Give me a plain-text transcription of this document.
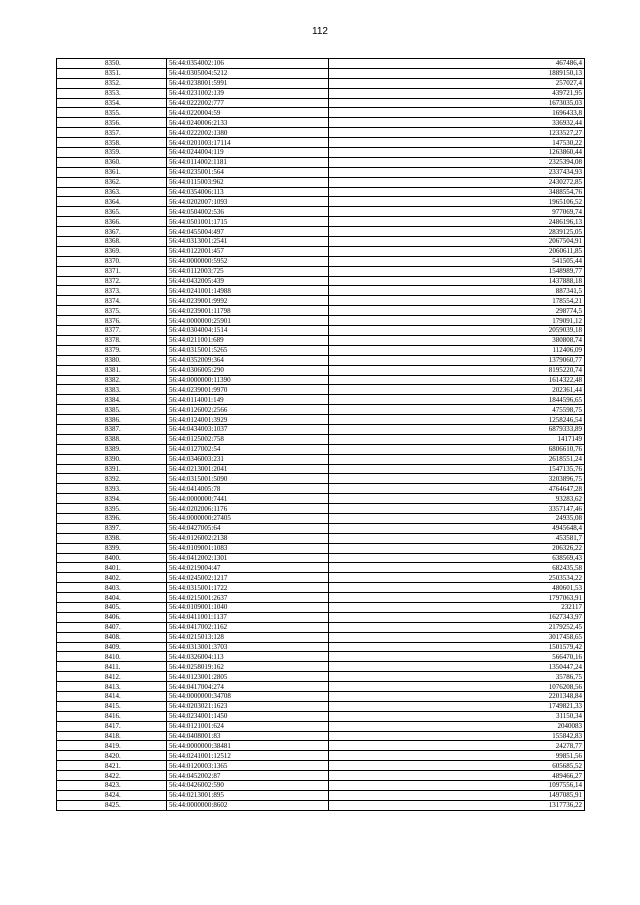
112
8350.	56:44:0354002:106	467486,4
8351.	56:44:0305004:5212	1889150,13
8352.	56:44:0238001:5991	257027,4
8353.	56:44:0231002:139	439721,95
8354.	56:44:0222002:777	1673035,03
8355.	56:44:0220004:59	1696433,8
8356.	56:44:0240006:2133	336932,44
8357.	56:44:0222002:1380	1233527,27
8358.	56:44:0201003:17114	147530,22
8359.	56:44:0244004:119	1263860,44
8360.	56:44:0114002:1181	2325394,08
8361.	56:44:0235001:564	2337434,93
8362.	56:44:0115003:962	2430272,85
8363.	56:44:0354006:113	3488554,76
8364.	56:44:0202007:1093	1965106,52
8365.	56:44:0504002:536	977069,74
8366.	56:44:0501001:1715	2486196,13
8367.	56:44:0455004:497	2839125,05
8368.	56:44:0313001:2541	2067504,91
8369.	56:44:0122001:457	2060611,85
8370.	56:44:0000000:5952	541505,44
8371.	56:44:0112003:725	1548989,77
8372.	56:44:0432005:439	1437888,18
8373.	56:44:0241001:14988	887341,5
8374.	56:44:0239001:9992	178554,21
8375.	56:44:0239001:11798	298774,5
8376.	56:44:0000000:25901	179091,12
8377.	56:44:0304004:1514	2059039,18
8378.	56:44:0211001:689	380808,74
8379.	56:44:0315001:5265	112406,09
8380.	56:44:0352009:364	1379060,77
8381.	56:44:0306005:290	8195220,74
8382.	56:44:0000000:11390	1614322,48
8383.	56:44:0239001:9970	202361,44
8384.	56:44:0114001:149	1844596,65
8385.	56:44:0126002:2566	475598,75
8386.	56:44:0124001:3929	1258246,54
8387.	56:44:0434003:1037	6879333,89
8388.	56:44:0125002:758	1417149
8389.	56:44:0127002:54	6806610,76
8390.	56:44:0346003:231	2618551,24
8391.	56:44:0213001:2041	1547135,76
8392.	56:44:0315001:5090	3203896,75
8393.	56:44:0414005:78	4764647,28
8394.	56:44:0000000:7441	93283,62
8395.	56:44:0202006:1176	3357147,46
8396.	56:44:0000000:27405	24935,08
8397.	56:44:0427005:64	4945648,4
8398.	56:44:0126002:2138	453581,7
8399.	56:44:0109001:1083	206326,22
8400.	56:44:0412002:1301	638569,43
8401.	56:44:0219004:47	682435,58
8402.	56:44:0245002:1217	2503534,22
8403.	56:44:0315001:1722	480601,53
8404.	56:44:0215001:2637	1797063,91
8405.	56:44:0109001:1040	232117
8406.	56:44:0411001:1137	1627343,97
8407.	56:44:0417002:1162	2179252,45
8408.	56:44:0215013:128	3017458,65
8409.	56:44:0313001:3703	1501579,42
8410.	56:44:0326004:113	566470,16
8411.	56:44:0258019:162	1350447,24
8412.	56:44:0123001:2805	35786,75
8413.	56:44:0417004:274	1076208,56
8414.	56:44:0000000:34708	2201348,84
8415.	56:44:0203021:1623	1749821,33
8416.	56:44:0234001:1450	31150,34
8417.	56:44:0121001:624	2040083
8418.	56:44:0408001:83	155842,83
8419.	56:44:0000000:38481	24278,77
8420.	56:44:0241001:12512	99851,56
8421.	56:44:0120003:1365	605685,52
8422.	56:44:0452002:87	489466,27
8423.	56:44:0426002:590	1097556,14
8424.	56:44:0213001:895	1497085,91
8425.	56:44:0000000:8602	1317736,22
